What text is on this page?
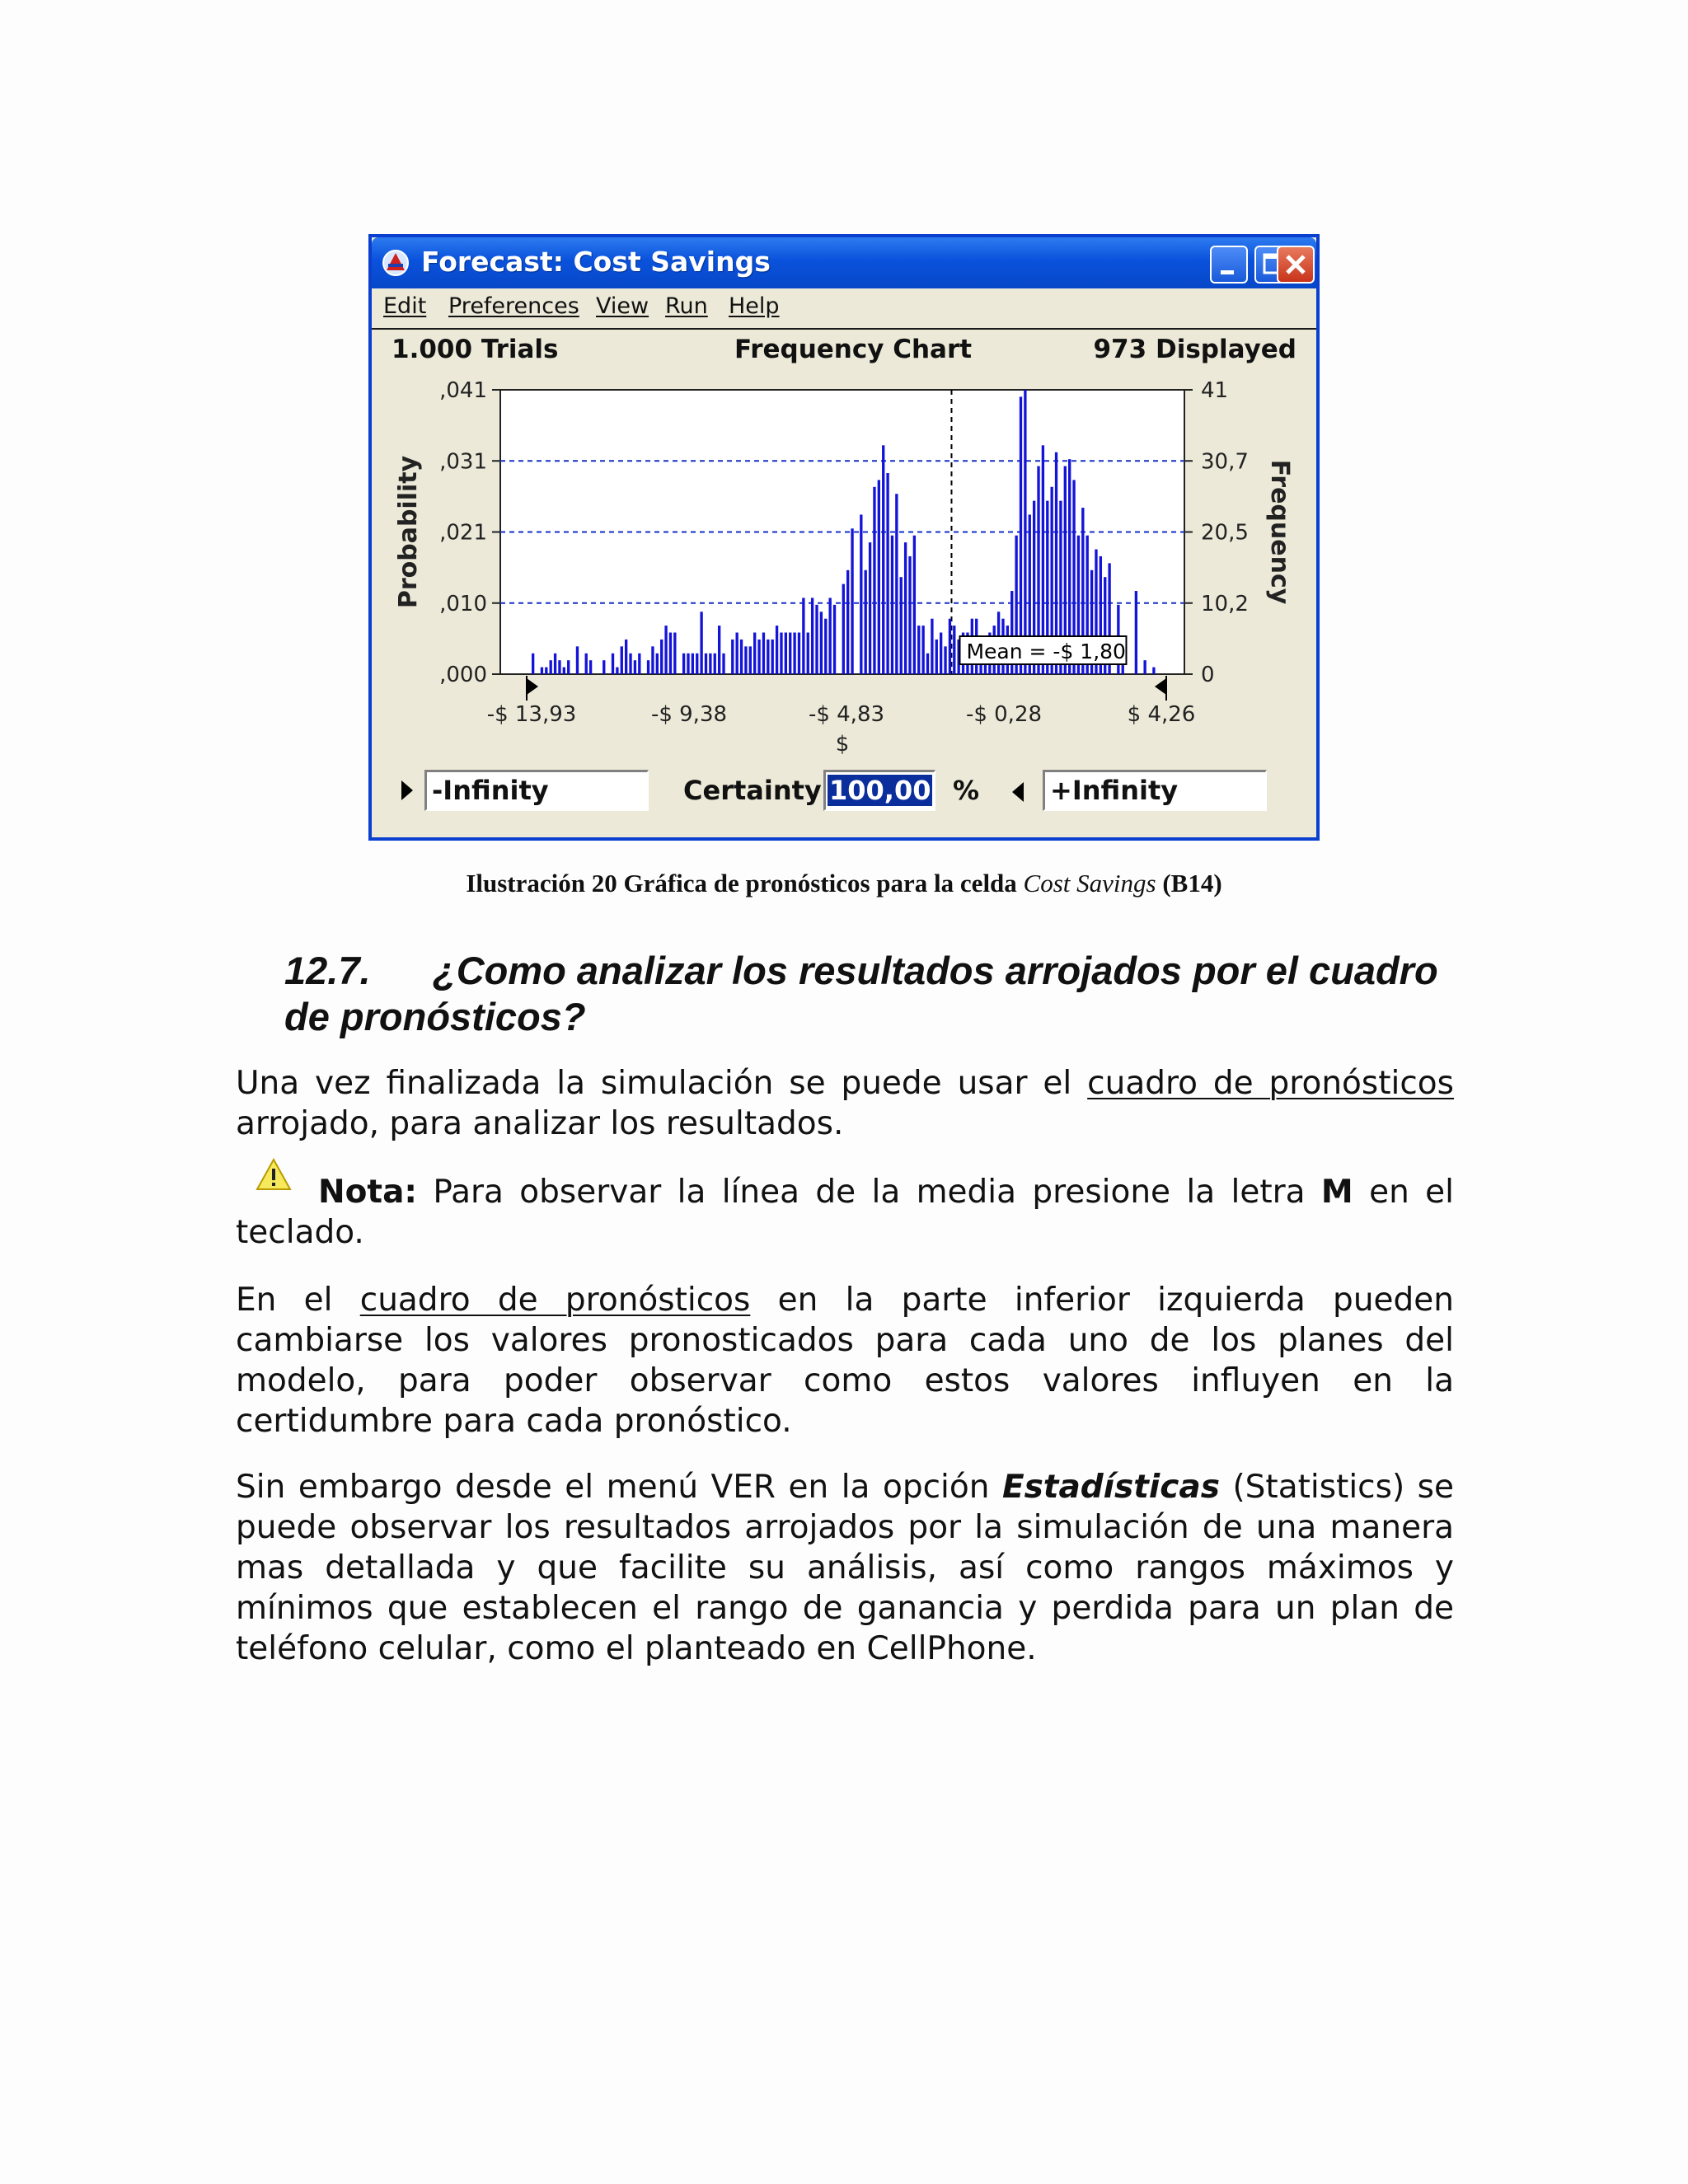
Forecast: Cost Savings
Edit Preferences View Run Help
1.000 Trials	Frequency Chart	973 Displayed
,000	0
,010	10,2
,021	20,5
,031	30,7
,041	41
Mean = -$ 1,80
-$ 13,93	-$ 9,38	-$ 4,83	-$ 0,28	$ 4,26
$
Probability	Frequency
-Infinity	Certainty 100,00 %	+Infinity
Ilustración 20 Gráfica de pronósticos para la celda Cost Savings (B14)
12.7. ¿Como analizar los resultados arrojados por el cuadro de pronósticos?
Una vez finalizada la simulación se puede usar el cuadro de pronósticos arrojado, para analizar los resultados.
Nota: Para observar la línea de la media presione la letra M en el teclado.
En el cuadro de pronósticos en la parte inferior izquierda pueden cambiarse los valores pronosticados para cada uno de los planes del modelo, para poder observar como estos valores influyen en la certidumbre para cada pronóstico.
Sin embargo desde el menú VER en la opción Estadísticas (Statistics) se puede observar los resultados arrojados por la simulación de una manera mas detallada y que facilite su análisis, así como rangos máximos y mínimos que establecen el rango de ganancia y perdida para un plan de teléfono celular, como el planteado en CellPhone.
